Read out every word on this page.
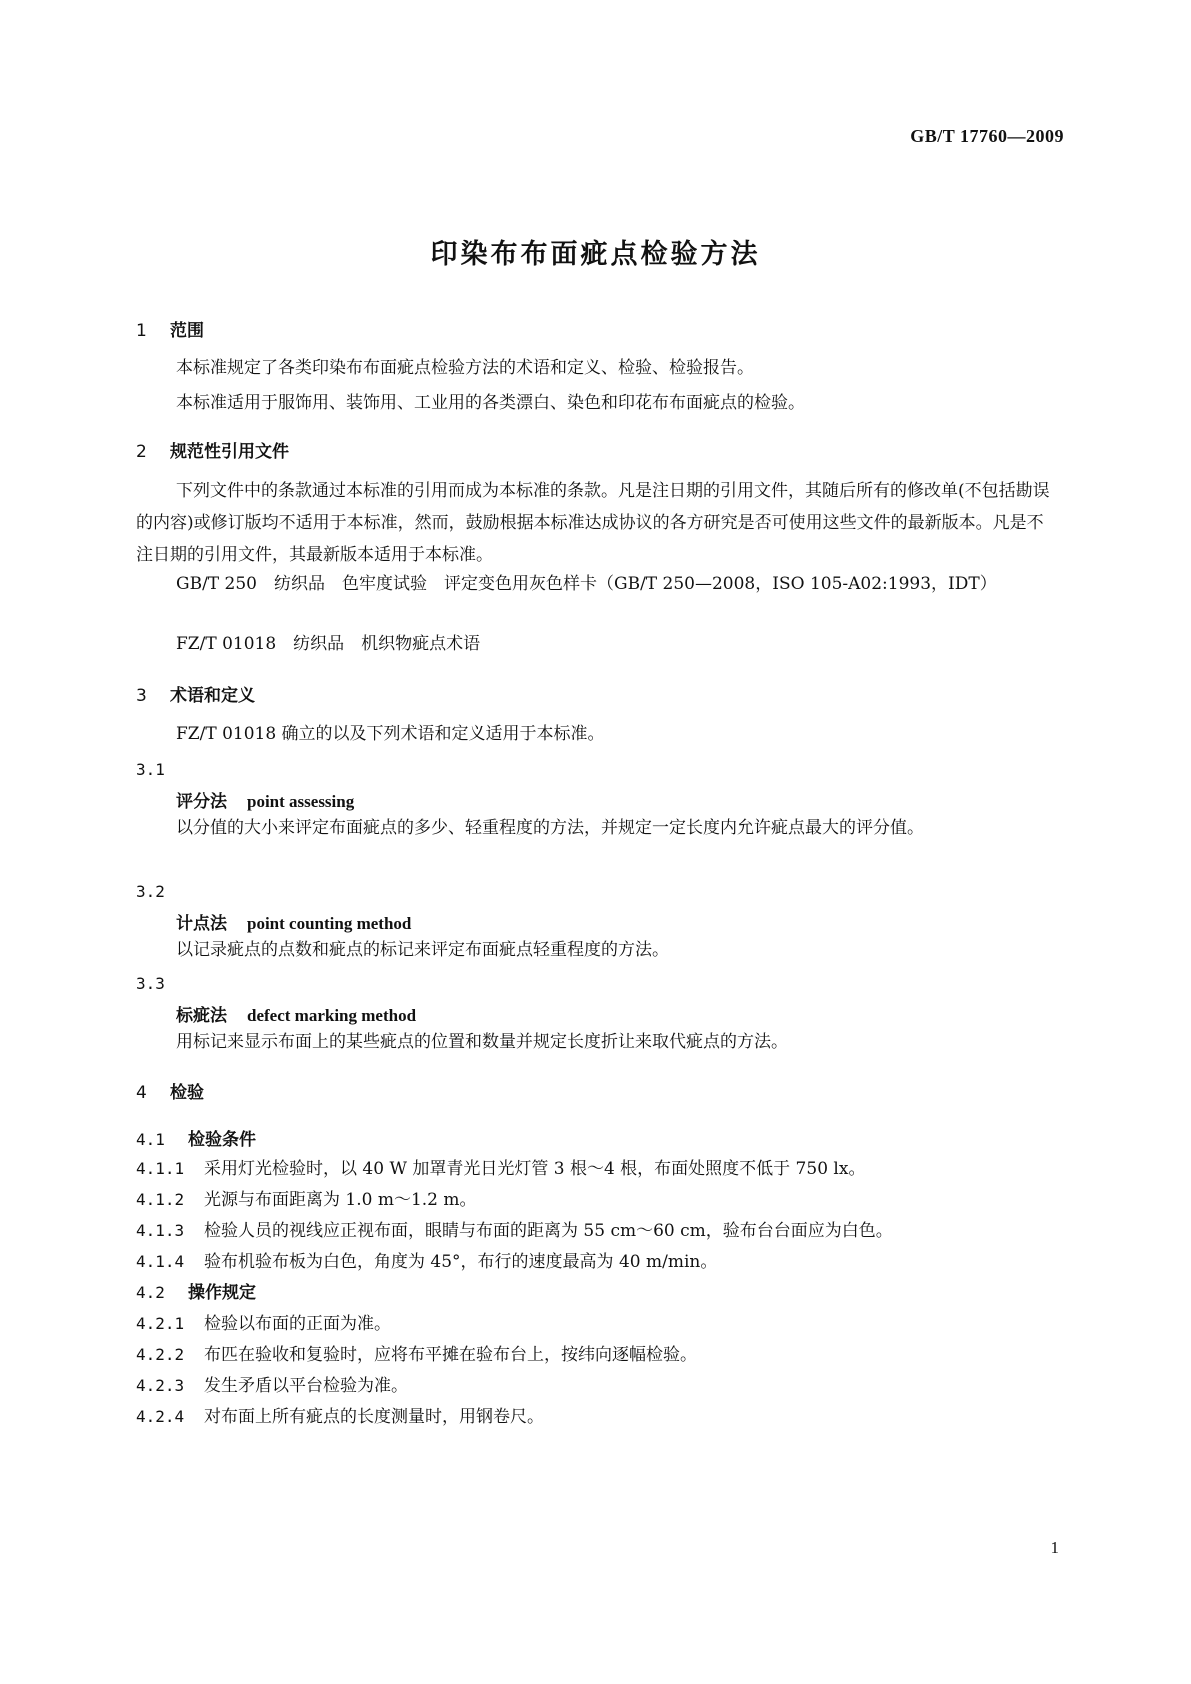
GB/T 17760—2009
印染布布面疵点检验方法
1 范围
本标准规定了各类印染布布面疵点检验方法的术语和定义、检验、检验报告。
本标准适用于服饰用、装饰用、工业用的各类漂白、染色和印花布布面疵点的检验。
2 规范性引用文件
下列文件中的条款通过本标准的引用而成为本标准的条款。凡是注日期的引用文件，其随后所有的修改单(不包括勘误的内容)或修订版均不适用于本标准，然而，鼓励根据本标准达成协议的各方研究是否可使用这些文件的最新版本。凡是不注日期的引用文件，其最新版本适用于本标准。
GB/T 250　纺织品　色牢度试验　评定变色用灰色样卡（GB/T 250—2008，ISO 105-A02:1993，IDT）
FZ/T 01018　纺织品　机织物疵点术语
3 术语和定义
FZ/T 01018 确立的以及下列术语和定义适用于本标准。
3.1
评分法 point assessing
以分值的大小来评定布面疵点的多少、轻重程度的方法，并规定一定长度内允许疵点最大的评分值。
3.2
计点法 point counting method
以记录疵点的点数和疵点的标记来评定布面疵点轻重程度的方法。
3.3
标疵法 defect marking method
用标记来显示布面上的某些疵点的位置和数量并规定长度折让来取代疵点的方法。
4 检验
4.1 检验条件
4.1.1 采用灯光检验时，以 40 W 加罩青光日光灯管 3 根～4 根，布面处照度不低于 750 lx。
4.1.2 光源与布面距离为 1.0 m～1.2 m。
4.1.3 检验人员的视线应正视布面，眼睛与布面的距离为 55 cm～60 cm，验布台台面应为白色。
4.1.4 验布机验布板为白色，角度为 45°，布行的速度最高为 40 m/min。
4.2 操作规定
4.2.1 检验以布面的正面为准。
4.2.2 布匹在验收和复验时，应将布平摊在验布台上，按纬向逐幅检验。
4.2.3 发生矛盾以平台检验为准。
4.2.4 对布面上所有疵点的长度测量时，用钢卷尺。
1
